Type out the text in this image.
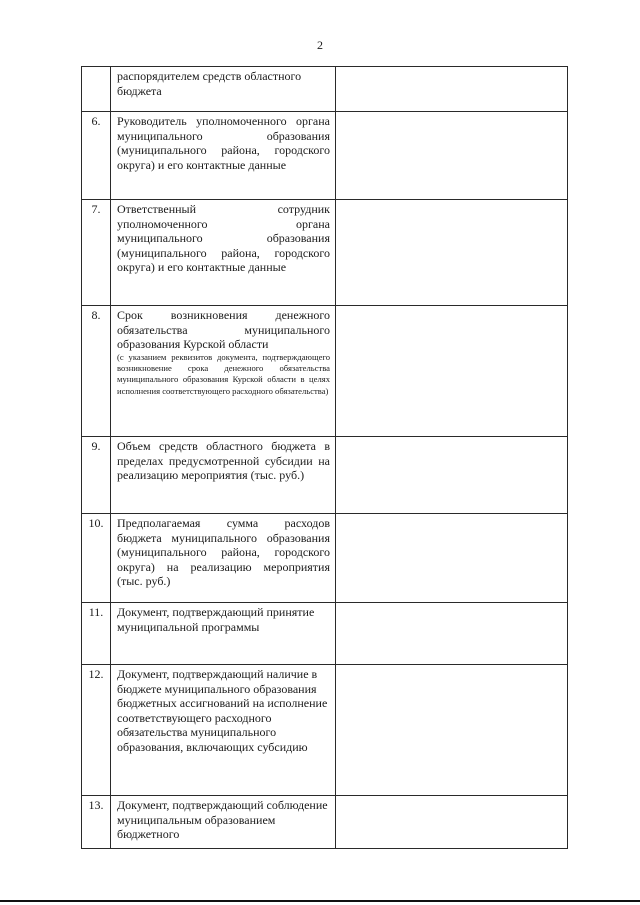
2

	распорядителем средств областного бюджета	

6.	Руководитель уполномоченного органа муниципального образования (муниципального района, городского округа) и его контактные данные	

7.	Ответственный сотрудник уполномоченного органа муниципального образования (муниципального района, городского округа) и его контактные данные	

8.	Срок возникновения денежного обязательства муниципального образования Курской области
(с указанием реквизитов документа, подтверждающего возникновение срока денежного обязательства муниципального образования Курской области в целях исполнения соответствующего расходного обязательства)	

9.	Объем средств областного бюджета в пределах предусмотренной субсидии на реализацию мероприятия (тыс. руб.)	

10.	Предполагаемая сумма расходов бюджета муниципального образования (муниципального района, городского округа) на реализацию мероприятия (тыс. руб.)	

11.	Документ, подтверждающий принятие муниципальной программы	

12.	Документ, подтверждающий наличие в бюджете муниципального образования бюджетных ассигнований на исполнение соответствующего расходного обязательства муниципального образования, включающих субсидию	

13.	Документ, подтверждающий соблюдение муниципальным образованием бюджетного	
